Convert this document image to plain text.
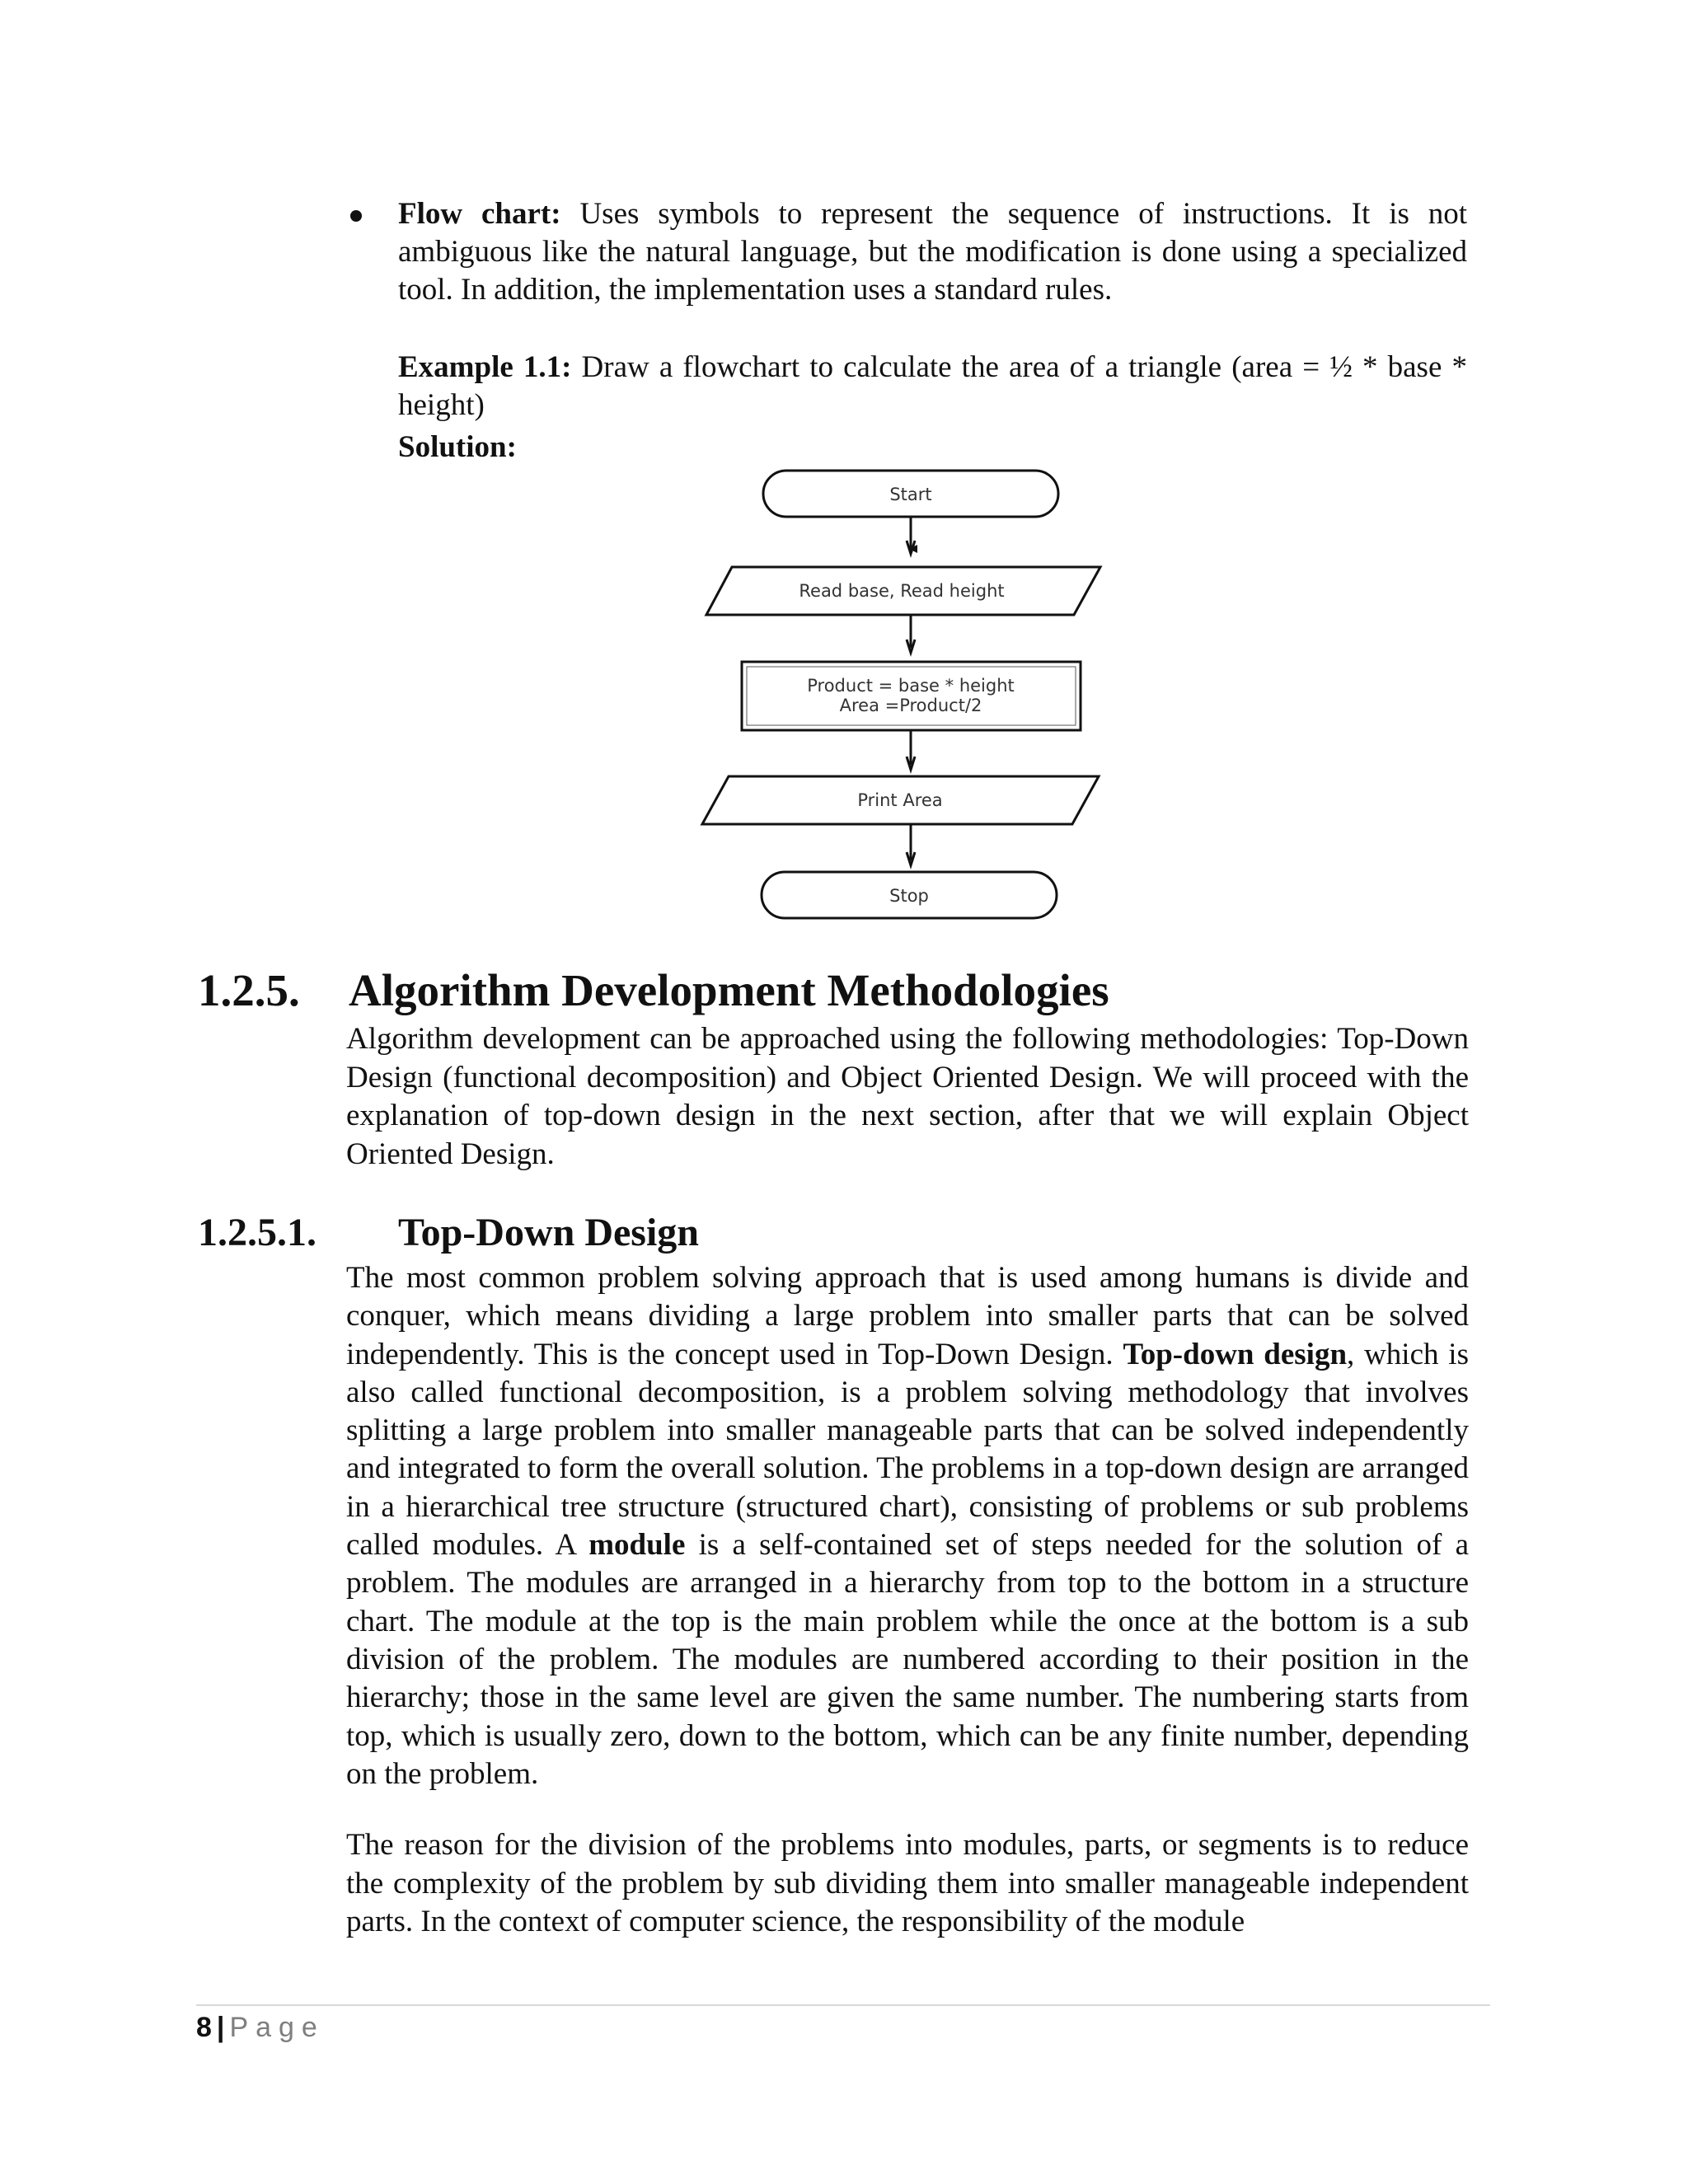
Flow chart: Uses symbols to represent the sequence of instructions. It is not ambiguous like the natural language, but the modification is done using a specialized tool. In addition, the implementation uses a standard rules.
Example 1.1: Draw a flowchart to calculate the area of a triangle (area = ½ * base * height)
Solution:
Start
Read base, Read height
Product = base * height
Area =Product/2
Print Area
Stop
1.2.5. Algorithm Development Methodologies
Algorithm development can be approached using the following methodologies: Top-Down Design (functional decomposition) and Object Oriented Design. We will proceed with the explanation of top-down design in the next section, after that we will explain Object Oriented Design.
1.2.5.1. Top-Down Design
The most common problem solving approach that is used among humans is divide and conquer, which means dividing a large problem into smaller parts that can be solved independently. This is the concept used in Top-Down Design. Top-down design, which is also called functional decomposition, is a problem solving methodology that involves splitting a large problem into smaller manageable parts that can be solved independently and integrated to form the overall solution. The problems in a top-down design are arranged in a hierarchical tree structure (structured chart), consisting of problems or sub problems called modules. A module is a self-contained set of steps needed for the solution of a problem. The modules are arranged in a hierarchy from top to the bottom in a structure chart. The module at the top is the main problem while the once at the bottom is a sub division of the problem. The modules are numbered according to their position in the hierarchy; those in the same level are given the same number. The numbering starts from top, which is usually zero, down to the bottom, which can be any finite number, depending on the problem.
The reason for the division of the problems into modules, parts, or segments is to reduce the complexity of the problem by sub dividing them into smaller manageable independent parts. In the context of computer science, the responsibility of the module
8 | Page
